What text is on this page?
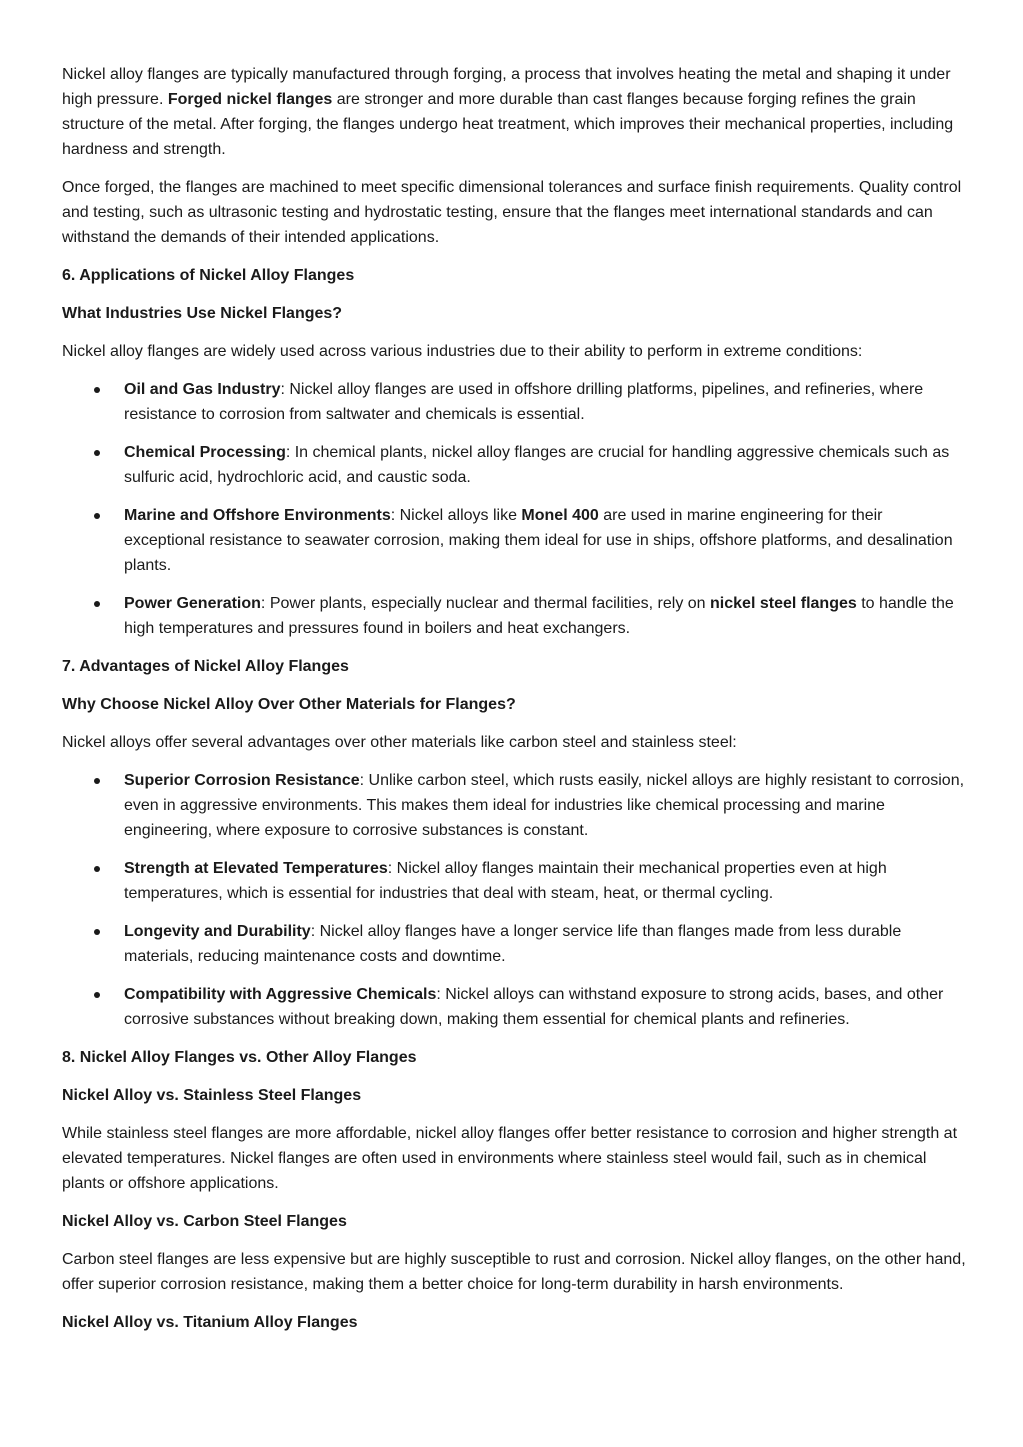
Nickel alloy flanges are typically manufactured through forging, a process that involves heating the metal and shaping it under high pressure. Forged nickel flanges are stronger and more durable than cast flanges because forging refines the grain structure of the metal. After forging, the flanges undergo heat treatment, which improves their mechanical properties, including hardness and strength.

Once forged, the flanges are machined to meet specific dimensional tolerances and surface finish requirements. Quality control and testing, such as ultrasonic testing and hydrostatic testing, ensure that the flanges meet international standards and can withstand the demands of their intended applications.

6. Applications of Nickel Alloy Flanges

What Industries Use Nickel Flanges?

Nickel alloy flanges are widely used across various industries due to their ability to perform in extreme conditions:

Oil and Gas Industry: Nickel alloy flanges are used in offshore drilling platforms, pipelines, and refineries, where resistance to corrosion from saltwater and chemicals is essential.
Chemical Processing: In chemical plants, nickel alloy flanges are crucial for handling aggressive chemicals such as sulfuric acid, hydrochloric acid, and caustic soda.
Marine and Offshore Environments: Nickel alloys like Monel 400 are used in marine engineering for their exceptional resistance to seawater corrosion, making them ideal for use in ships, offshore platforms, and desalination plants.
Power Generation: Power plants, especially nuclear and thermal facilities, rely on nickel steel flanges to handle the high temperatures and pressures found in boilers and heat exchangers.

7. Advantages of Nickel Alloy Flanges

Why Choose Nickel Alloy Over Other Materials for Flanges?

Nickel alloys offer several advantages over other materials like carbon steel and stainless steel:

Superior Corrosion Resistance: Unlike carbon steel, which rusts easily, nickel alloys are highly resistant to corrosion, even in aggressive environments. This makes them ideal for industries like chemical processing and marine engineering, where exposure to corrosive substances is constant.
Strength at Elevated Temperatures: Nickel alloy flanges maintain their mechanical properties even at high temperatures, which is essential for industries that deal with steam, heat, or thermal cycling.
Longevity and Durability: Nickel alloy flanges have a longer service life than flanges made from less durable materials, reducing maintenance costs and downtime.
Compatibility with Aggressive Chemicals: Nickel alloys can withstand exposure to strong acids, bases, and other corrosive substances without breaking down, making them essential for chemical plants and refineries.

8. Nickel Alloy Flanges vs. Other Alloy Flanges

Nickel Alloy vs. Stainless Steel Flanges

While stainless steel flanges are more affordable, nickel alloy flanges offer better resistance to corrosion and higher strength at elevated temperatures. Nickel flanges are often used in environments where stainless steel would fail, such as in chemical plants or offshore applications.

Nickel Alloy vs. Carbon Steel Flanges

Carbon steel flanges are less expensive but are highly susceptible to rust and corrosion. Nickel alloy flanges, on the other hand, offer superior corrosion resistance, making them a better choice for long-term durability in harsh environments.

Nickel Alloy vs. Titanium Alloy Flanges
